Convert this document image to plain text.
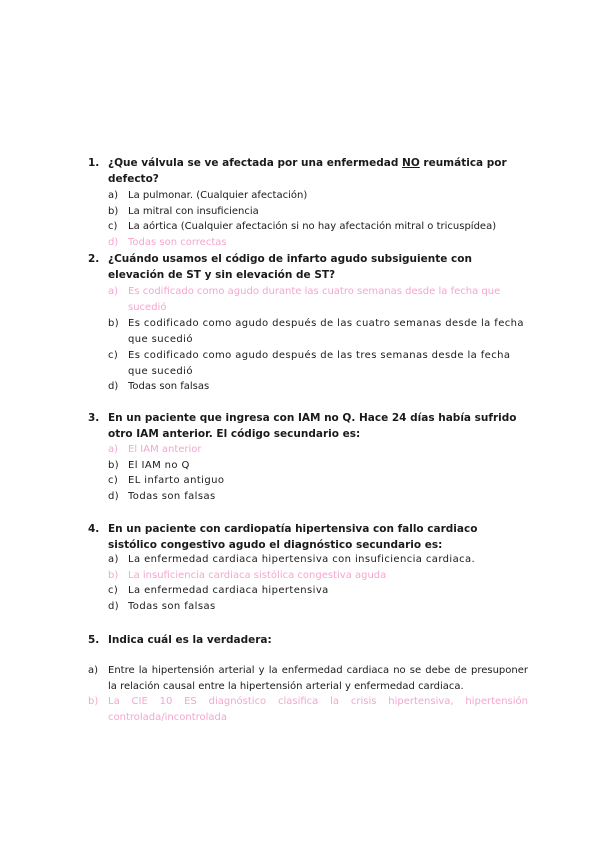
1. ¿Que válvula se ve afectada por una enfermedad NO reumática por defecto?
a) La pulmonar. (Cualquier afectación)
b) La mitral con insuficiencia
c) La aórtica (Cualquier afectación si no hay afectación mitral o tricuspídea)
d) Todas son correctas
2. ¿Cuándo usamos el código de infarto agudo subsiguiente con elevación de ST y sin elevación de ST?
a) Es codificado como agudo durante las cuatro semanas desde la fecha que sucedió
b) Es codificado como agudo después de las cuatro semanas desde la fecha que sucedió
c) Es codificado como agudo después de las tres semanas desde la fecha que sucedió
d) Todas son falsas
3. En un paciente que ingresa con IAM no Q. Hace 24 días había sufrido otro IAM anterior. El código secundario es:
a) El IAM anterior
b) El IAM no Q
c) EL infarto antiguo
d) Todas son falsas
4. En un paciente con cardiopatía hipertensiva con fallo cardiaco sistólico congestivo agudo el diagnóstico secundario es:
a) La enfermedad cardiaca hipertensiva con insuficiencia cardiaca.
b) La insuficiencia cardiaca sistólica congestiva aguda
c) La enfermedad cardiaca hipertensiva
d) Todas son falsas
5. Indica cuál es la verdadera:
a) Entre la hipertensión arterial y la enfermedad cardiaca no se debe de presuponer la relación causal entre la hipertensión arterial y enfermedad cardiaca.
b) La CIE 10 ES diagnóstico clasifica la crisis hipertensiva, hipertensión controlada/incontrolada
